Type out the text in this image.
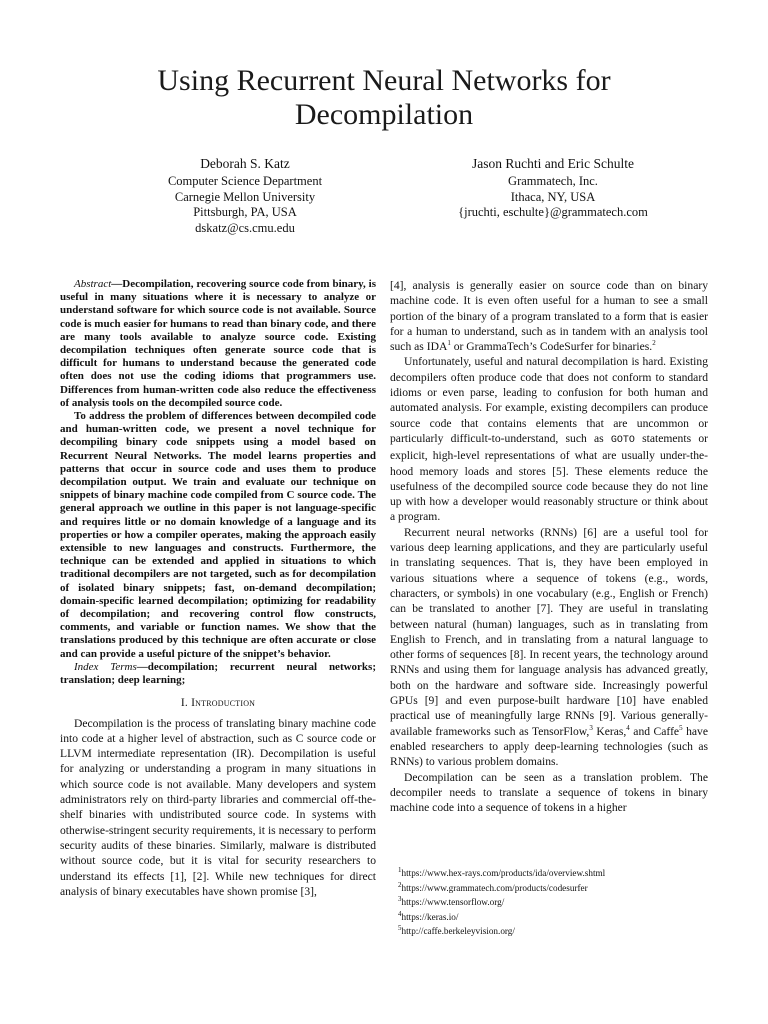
Using Recurrent Neural Networks for
Decompilation
Deborah S. Katz
Computer Science Department
Carnegie Mellon University
Pittsburgh, PA, USA
dskatz@cs.cmu.edu
Jason Ruchti and Eric Schulte
Grammatech, Inc.
Ithaca, NY, USA
{jruchti, eschulte}@grammatech.com

Abstract—Decompilation, recovering source code from binary, is useful in many situations where it is necessary to analyze or understand software for which source code is not available. Source code is much easier for humans to read than binary code, and there are many tools available to analyze source code. Existing decompilation techniques often generate source code that is difficult for humans to understand because the generated code often does not use the coding idioms that programmers use. Differences from human-written code also reduce the effectiveness of analysis tools on the decompiled source code.

To address the problem of differences between decompiled code and human-written code, we present a novel technique for decompiling binary code snippets using a model based on Recurrent Neural Networks. The model learns properties and patterns that occur in source code and uses them to produce decompilation output. We train and evaluate our technique on snippets of binary machine code compiled from C source code. The general approach we outline in this paper is not language-specific and requires little or no domain knowledge of a language and its properties or how a compiler operates, making the approach easily extensible to new languages and constructs. Furthermore, the technique can be extended and applied in situations to which traditional decompilers are not targeted, such as for decompilation of isolated binary snippets; fast, on-demand decompilation; domain-specific learned decompilation; optimizing for readability of decompilation; and recovering control flow constructs, comments, and variable or function names. We show that the translations produced by this technique are often accurate or close and can provide a useful picture of the snippet’s behavior.

Index Terms—decompilation; recurrent neural networks; translation; deep learning;

I. Introduction

Decompilation is the process of translating binary machine code into code at a higher level of abstraction, such as C source code or LLVM intermediate representation (IR). Decompilation is useful for analyzing or understanding a program in many situations in which source code is not available. Many developers and system administrators rely on third-party libraries and commercial off-the-shelf binaries with undistributed source code. In systems with otherwise-stringent security requirements, it is necessary to perform security audits of these binaries. Similarly, malware is distributed without source code, but it is vital for security researchers to understand its effects [1], [2]. While new techniques for direct analysis of binary executables have shown promise [3],

[4], analysis is generally easier on source code than on binary machine code. It is even often useful for a human to see a small portion of the binary of a program translated to a form that is easier for a human to understand, such as in tandem with an analysis tool such as IDA$^1$ or GrammaTech’s CodeSurfer for binaries.$^2$

Unfortunately, useful and natural decompilation is hard. Existing decompilers often produce code that does not conform to standard idioms or even parse, leading to confusion for both human and automated analysis. For example, existing decompilers can produce source code that contains elements that are uncommon or particularly difficult-to-understand, such as GOTO statements or explicit, high-level representations of what are usually under-the-hood memory loads and stores [5]. These elements reduce the usefulness of the decompiled source code because they do not line up with how a developer would reasonably structure or think about a program.

Recurrent neural networks (RNNs) [6] are a useful tool for various deep learning applications, and they are particularly useful in translating sequences. That is, they have been employed in various situations where a sequence of tokens (e.g., words, characters, or symbols) in one vocabulary (e.g., English or French) can be translated to another [7]. They are useful in translating between natural (human) languages, such as in translating from English to French, and in translating from a natural language to other forms of sequences [8]. In recent years, the technology around RNNs and using them for language analysis has advanced greatly, both on the hardware and software side. Increasingly powerful GPUs [9] and even purpose-built hardware [10] have enabled practical use of meaningfully large RNNs [9]. Various generally-available frameworks such as TensorFlow,$^3$ Keras,$^4$ and Caffe$^5$ have enabled researchers to apply deep-learning technologies (such as RNNs) to various problem domains.

Decompilation can be seen as a translation problem. The decompiler needs to translate a sequence of tokens in binary machine code into a sequence of tokens in a higher

$^1$https://www.hex-rays.com/products/ida/overview.shtml
$^2$https://www.grammatech.com/products/codesurfer
$^3$https://www.tensorflow.org/
$^4$https://keras.io/
$^5$http://caffe.berkeleyvision.org/
